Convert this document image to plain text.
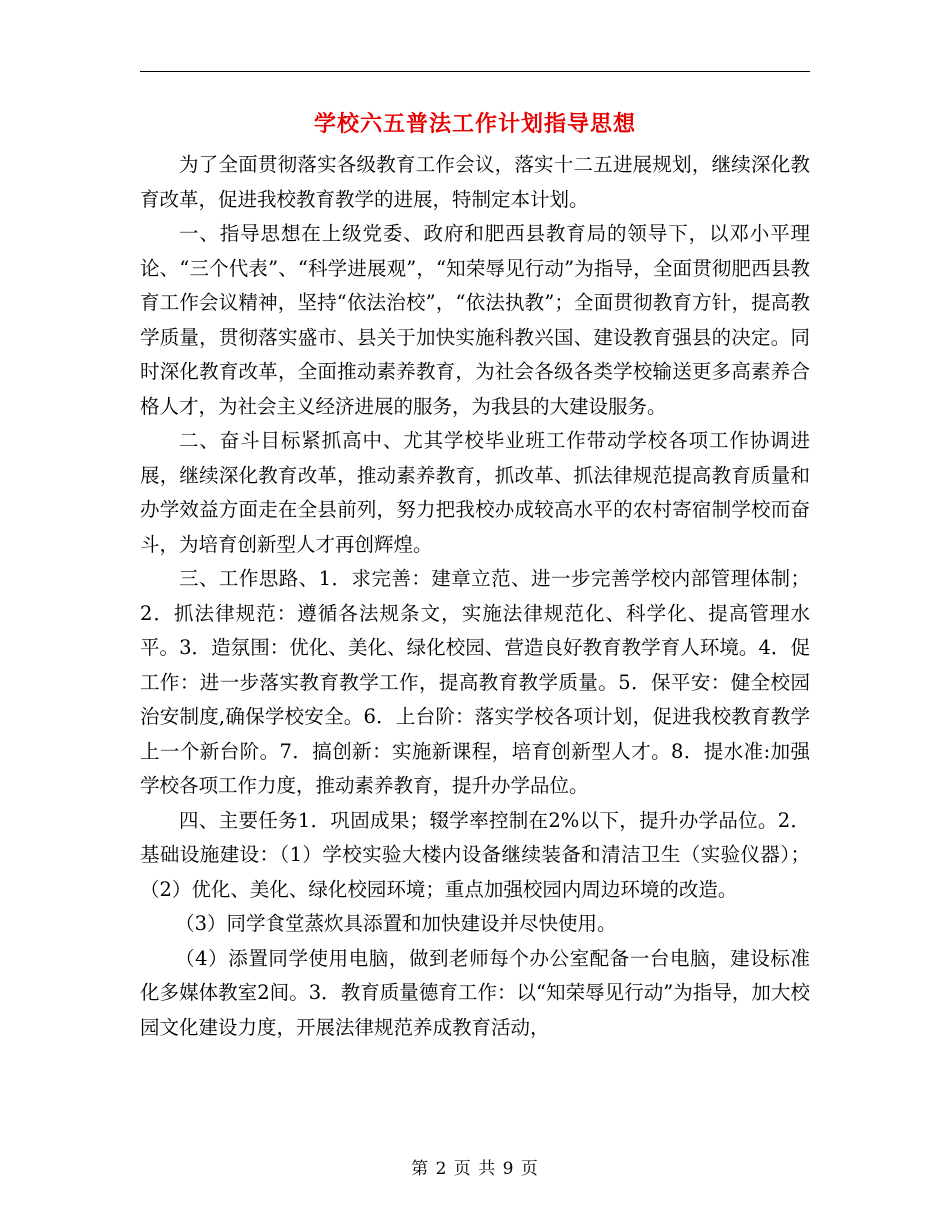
学校六五普法工作计划指导思想

为了全面贯彻落实各级教育工作会议，落实十二五进展规划，继续深化教育改革，促进我校教育教学的进展，特制定本计划。

一、指导思想在上级党委、政府和肥西县教育局的领导下，以邓小平理论、“三个代表”、“科学进展观”，“知荣辱见行动”为指导，全面贯彻肥西县教育工作会议精神，坚持“依法治校”，“依法执教”；全面贯彻教育方针，提高教学质量，贯彻落实盛市、县关于加快实施科教兴国、建设教育强县的决定。同时深化教育改革，全面推动素养教育，为社会各级各类学校输送更多高素养合格人才，为社会主义经济进展的服务，为我县的大建设服务。

二、奋斗目标紧抓高中、尤其学校毕业班工作带动学校各项工作协调进展，继续深化教育改革，推动素养教育，抓改革、抓法律规范提高教育质量和办学效益方面走在全县前列，努力把我校办成较高水平的农村寄宿制学校而奋斗，为培育创新型人才再创辉煌。

三、工作思路、1．求完善：建章立范、进一步完善学校内部管理体制；2．抓法律规范：遵循各法规条文，实施法律规范化、科学化、提高管理水平。3．造氛围：优化、美化、绿化校园、营造良好教育教学育人环境。4．促工作：进一步落实教育教学工作，提高教育教学质量。5．保平安：健全校园治安制度,确保学校安全。6．上台阶：落实学校各项计划，促进我校教育教学上一个新台阶。7．搞创新：实施新课程，培育创新型人才。8．提水准:加强学校各项工作力度，推动素养教育，提升办学品位。

四、主要任务1．巩固成果；辍学率控制在2%以下，提升办学品位。2．基础设施建设：（1）学校实验大楼内设备继续装备和清洁卫生（实验仪器）；（2）优化、美化、绿化校园环境；重点加强校园内周边环境的改造。

（3）同学食堂蒸炊具添置和加快建设并尽快使用。

（4）添置同学使用电脑，做到老师每个办公室配备一台电脑，建设标准化多媒体教室2间。3．教育质量德育工作：以“知荣辱见行动”为指导，加大校园文化建设力度，开展法律规范养成教育活动，

第 2 页 共 9 页
